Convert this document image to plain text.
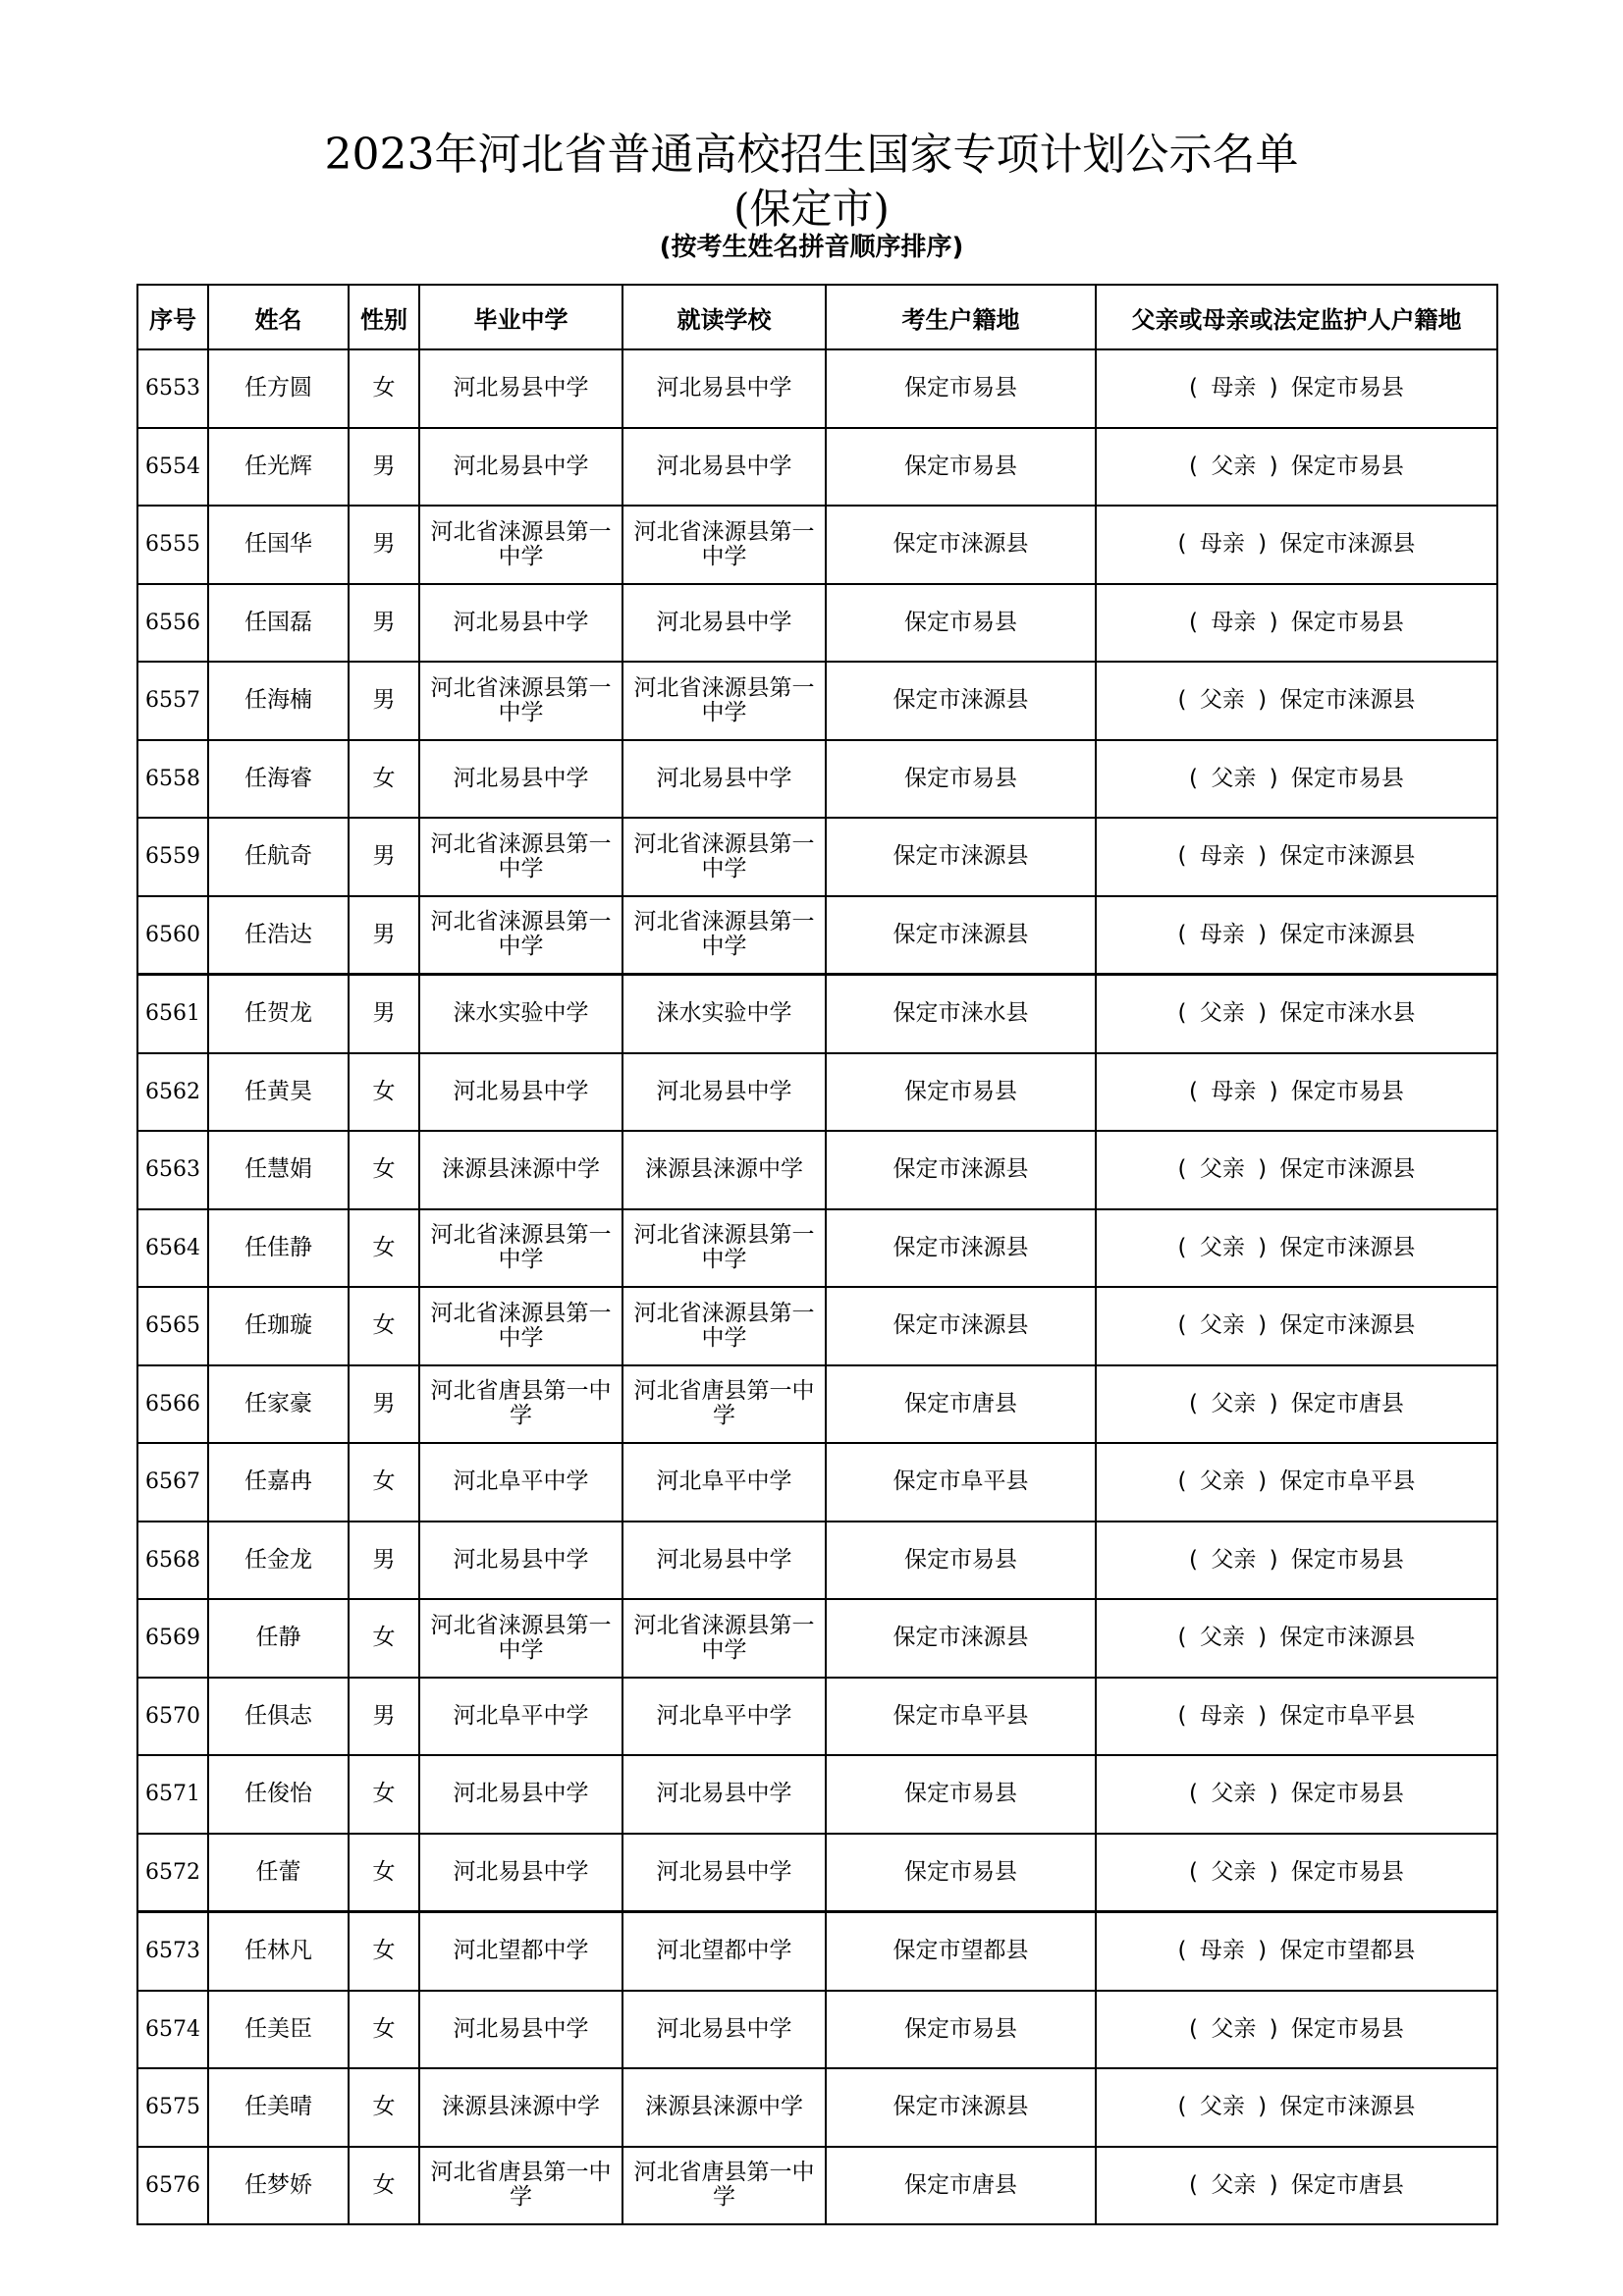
2023年河北省普通高校招生国家专项计划公示名单
(保定市)
(按考生姓名拼音顺序排序)
序号	姓名	性别	毕业中学	就读学校	考生户籍地	父亲或母亲或法定监护人户籍地
6553	任方圆	女	河北易县中学	河北易县中学	保定市易县	( 母亲 ) 保定市易县
6554	任光辉	男	河北易县中学	河北易县中学	保定市易县	( 父亲 ) 保定市易县
6555	任国华	男	河北省涞源县第一中学	河北省涞源县第一中学	保定市涞源县	( 母亲 ) 保定市涞源县
6556	任国磊	男	河北易县中学	河北易县中学	保定市易县	( 母亲 ) 保定市易县
6557	任海楠	男	河北省涞源县第一中学	河北省涞源县第一中学	保定市涞源县	( 父亲 ) 保定市涞源县
6558	任海睿	女	河北易县中学	河北易县中学	保定市易县	( 父亲 ) 保定市易县
6559	任航奇	男	河北省涞源县第一中学	河北省涞源县第一中学	保定市涞源县	( 母亲 ) 保定市涞源县
6560	任浩达	男	河北省涞源县第一中学	河北省涞源县第一中学	保定市涞源县	( 母亲 ) 保定市涞源县
6561	任贺龙	男	涞水实验中学	涞水实验中学	保定市涞水县	( 父亲 ) 保定市涞水县
6562	任黄昊	女	河北易县中学	河北易县中学	保定市易县	( 母亲 ) 保定市易县
6563	任慧娟	女	涞源县涞源中学	涞源县涞源中学	保定市涞源县	( 父亲 ) 保定市涞源县
6564	任佳静	女	河北省涞源县第一中学	河北省涞源县第一中学	保定市涞源县	( 父亲 ) 保定市涞源县
6565	任珈璇	女	河北省涞源县第一中学	河北省涞源县第一中学	保定市涞源县	( 父亲 ) 保定市涞源县
6566	任家豪	男	河北省唐县第一中学	河北省唐县第一中学	保定市唐县	( 父亲 ) 保定市唐县
6567	任嘉冉	女	河北阜平中学	河北阜平中学	保定市阜平县	( 父亲 ) 保定市阜平县
6568	任金龙	男	河北易县中学	河北易县中学	保定市易县	( 父亲 ) 保定市易县
6569	任静	女	河北省涞源县第一中学	河北省涞源县第一中学	保定市涞源县	( 父亲 ) 保定市涞源县
6570	任俱志	男	河北阜平中学	河北阜平中学	保定市阜平县	( 母亲 ) 保定市阜平县
6571	任俊怡	女	河北易县中学	河北易县中学	保定市易县	( 父亲 ) 保定市易县
6572	任蕾	女	河北易县中学	河北易县中学	保定市易县	( 父亲 ) 保定市易县
6573	任林凡	女	河北望都中学	河北望都中学	保定市望都县	( 母亲 ) 保定市望都县
6574	任美臣	女	河北易县中学	河北易县中学	保定市易县	( 父亲 ) 保定市易县
6575	任美晴	女	涞源县涞源中学	涞源县涞源中学	保定市涞源县	( 父亲 ) 保定市涞源县
6576	任梦娇	女	河北省唐县第一中学	河北省唐县第一中学	保定市唐县	( 父亲 ) 保定市唐县
